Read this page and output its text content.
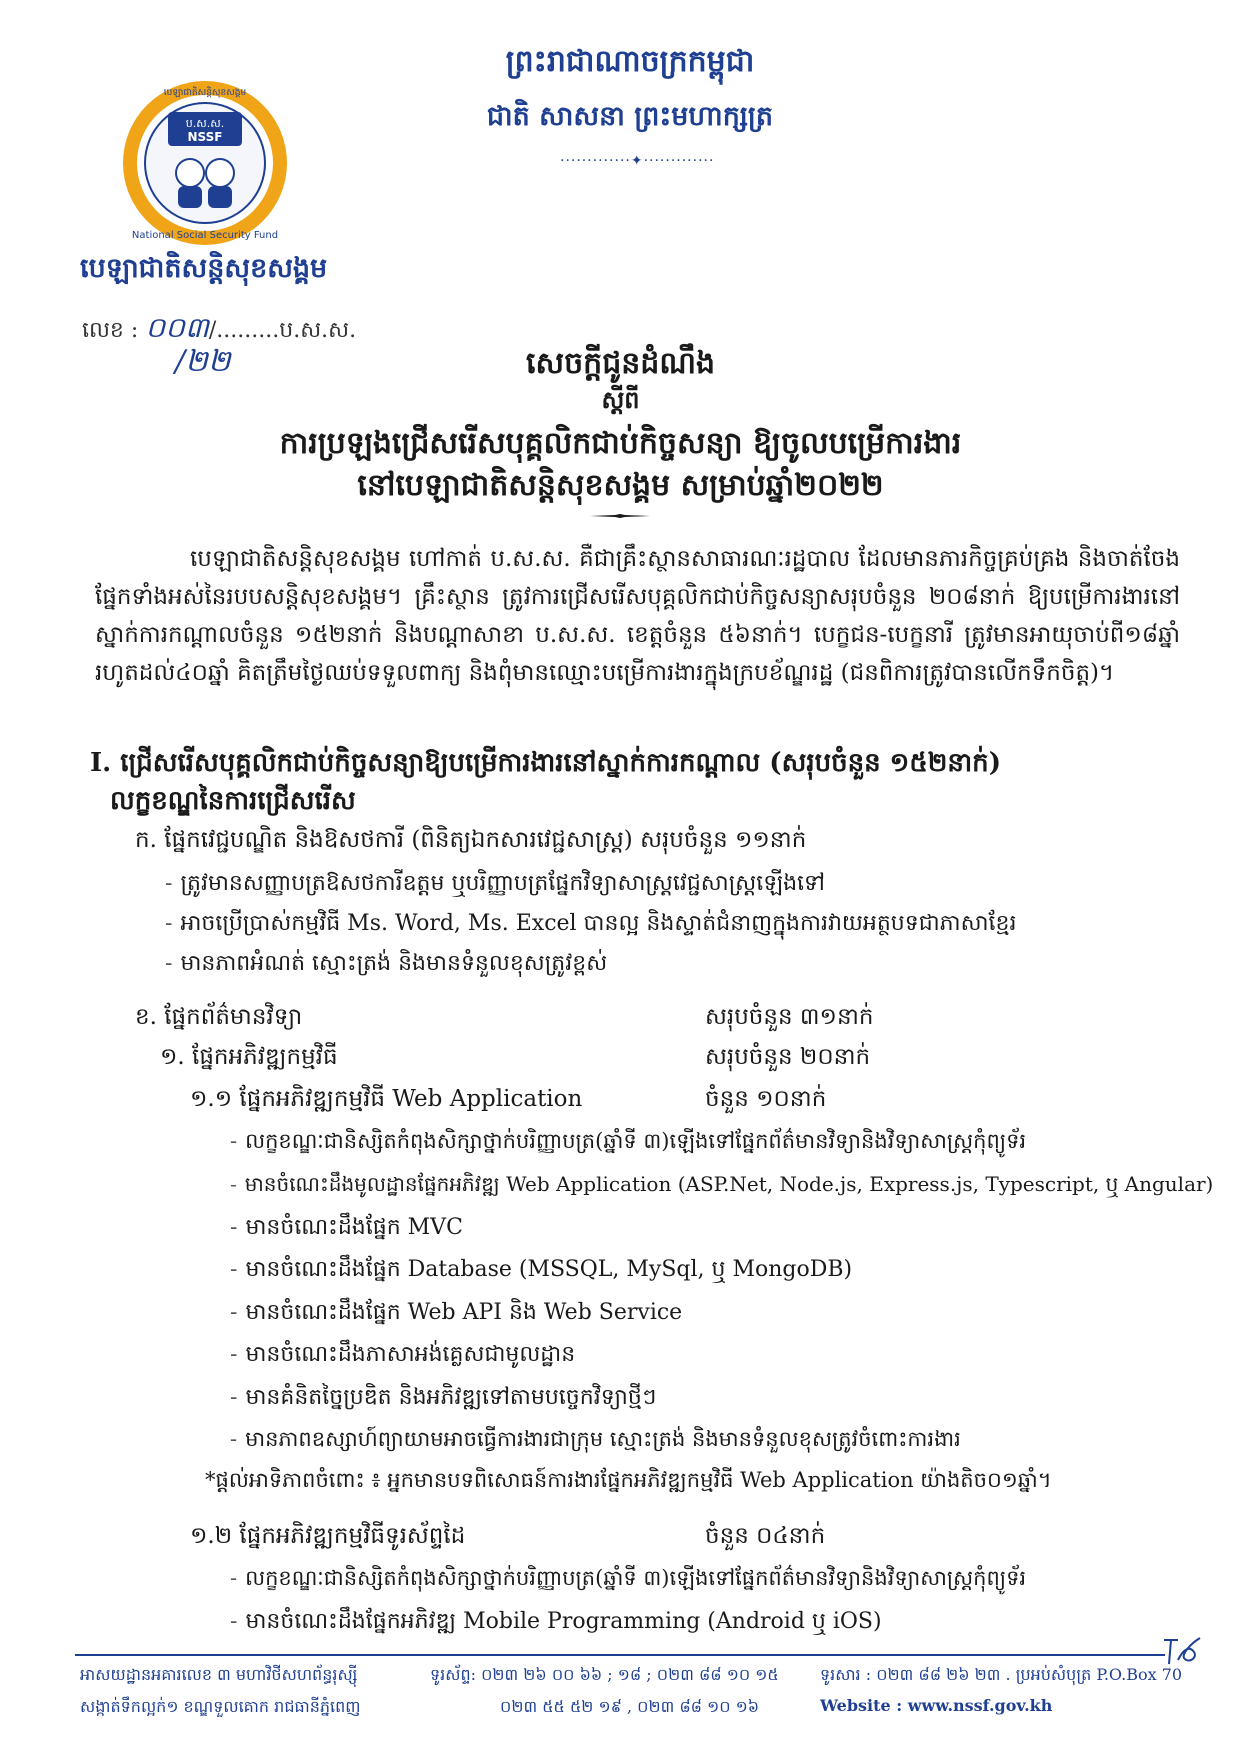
ប.ស.ស.
NSSF
National Social Security Fund
បេឡាជាតិសន្តិសុខសង្គម
បេឡាជាតិសន្តិសុខសង្គម
លេខ : ០០៣/.........ប.ស.ស.
/២២
ព្រះរាជាណាចក្រកម្ពុជា
ជាតិ សាសនា ព្រះមហាក្សត្រ
·············✦·············
សេចក្តីជូនដំណឹង
ស្តីពី
ការប្រឡងជ្រើសរើសបុគ្គលិកជាប់កិច្ចសន្យា ឱ្យចូលបម្រើការងារ
នៅបេឡាជាតិសន្តិសុខសង្គម សម្រាប់ឆ្នាំ២០២២
បេឡាជាតិសន្តិសុខសង្គម ហៅកាត់ ប.ស.ស. គឺជាគ្រឹះស្ថានសាធារណៈរដ្ឋបាល ដែលមានភារកិច្ចគ្រប់គ្រង និងចាត់ចែងផ្នែកទាំងអស់នៃរបបសន្តិសុខសង្គម។ គ្រឹះស្ថាន ត្រូវការជ្រើសរើសបុគ្គលិកជាប់កិច្ចសន្យាសរុបចំនួន ២០៨នាក់ ឱ្យបម្រើការងារនៅស្នាក់ការកណ្តាលចំនួន ១៥២នាក់ និងបណ្តាសាខា ប.ស.ស. ខេត្តចំនួន ៥៦នាក់។ បេក្ខជន-បេក្ខនារី ត្រូវមានអាយុចាប់ពី១៨ឆ្នាំ រហូតដល់៤០ឆ្នាំ គិតត្រឹមថ្ងៃឈប់ទទួលពាក្យ និងពុំមានឈ្មោះបម្រើការងារក្នុងក្របខ័ណ្ឌរដ្ឋ (ជនពិការត្រូវបានលើកទឹកចិត្ត)។
I. ជ្រើសរើសបុគ្គលិកជាប់កិច្ចសន្យាឱ្យបម្រើការងារនៅស្នាក់ការកណ្តាល (សរុបចំនួន ១៥២នាក់)
លក្ខខណ្ឌនៃការជ្រើសរើស
ក. ផ្នែកវេជ្ជបណ្ឌិត និងឱសថការី (ពិនិត្យឯកសារវេជ្ជសាស្ត្រ) សរុបចំនួន ១១នាក់
- ត្រូវមានសញ្ញាបត្រឱសថការីឧត្តម ឬបរិញ្ញាបត្រផ្នែកវិទ្យាសាស្ត្រវេជ្ជសាស្ត្រឡើងទៅ
- អាចប្រើប្រាស់កម្មវិធី Ms. Word, Ms. Excel បានល្អ និងស្ទាត់ជំនាញក្នុងការវាយអត្ថបទជាភាសាខ្មែរ
- មានភាពអំណត់ ស្មោះត្រង់ និងមានទំនួលខុសត្រូវខ្ពស់
ខ. ផ្នែកព័ត៌មានវិទ្យា	សរុបចំនួន ៣១នាក់
១. ផ្នែកអភិវឌ្ឍកម្មវិធី	សរុបចំនួន ២០នាក់
១.១ ផ្នែកអភិវឌ្ឍកម្មវិធី Web Application	ចំនួន ១០នាក់
- លក្ខខណ្ឌៈជានិស្សិតកំពុងសិក្សាថ្នាក់បរិញ្ញាបត្រ(ឆ្នាំទី ៣)ឡើងទៅផ្នែកព័ត៌មានវិទ្យានិងវិទ្យាសាស្ត្រកុំព្យូទ័រ
- មានចំណេះដឹងមូលដ្ឋានផ្នែកអភិវឌ្ឍ Web Application (ASP.Net, Node.js, Express.js, Typescript, ឬ Angular)
- មានចំណេះដឹងផ្នែក MVC
- មានចំណេះដឹងផ្នែក Database (MSSQL, MySql, ឬ MongoDB)
- មានចំណេះដឹងផ្នែក Web API និង Web Service
- មានចំណេះដឹងភាសាអង់គ្លេសជាមូលដ្ឋាន
- មានគំនិតច្នៃប្រឌិត និងអភិវឌ្ឍទៅតាមបច្ចេកវិទ្យាថ្មីៗ
- មានភាពឧស្សាហ៍ព្យាយាមអាចធ្វើការងារជាក្រុម ស្មោះត្រង់ និងមានទំនួលខុសត្រូវចំពោះការងារ
*ផ្តល់អាទិភាពចំពោះ ៖ អ្នកមានបទពិសោធន៍ការងារផ្នែកអភិវឌ្ឍកម្មវិធី Web Application យ៉ាងតិច០១ឆ្នាំ។
១.២ ផ្នែកអភិវឌ្ឍកម្មវិធីទូរស័ព្ទដៃ	ចំនួន ០៤នាក់
- លក្ខខណ្ឌៈជានិស្សិតកំពុងសិក្សាថ្នាក់បរិញ្ញាបត្រ(ឆ្នាំទី ៣)ឡើងទៅផ្នែកព័ត៌មានវិទ្យានិងវិទ្យាសាស្ត្រកុំព្យូទ័រ
- មានចំណេះដឹងផ្នែកអភិវឌ្ឍ Mobile Programming (Android ឬ iOS)
អាសយដ្ឋានអគារលេខ ៣ មហាវិថីសហព័ន្ធរុស្ស៊ី
សង្កាត់ទឹកល្អក់១ ខណ្ឌទួលគោក រាជធានីភ្នំពេញ
ទូរស័ព្ទ: ០២៣ ២៦ ០០ ៦៦ ; ១៨ ; ០២៣ ៨៨ ១០ ១៥
០២៣ ៥៥ ៥២ ១៩ , ០២៣ ៨៨ ១០ ១៦
ទូរសារ : ០២៣ ៨៨ ២៦ ២៣ . ប្រអប់សំបុត្រ P.O.Box 70
Website : www.nssf.gov.kh
